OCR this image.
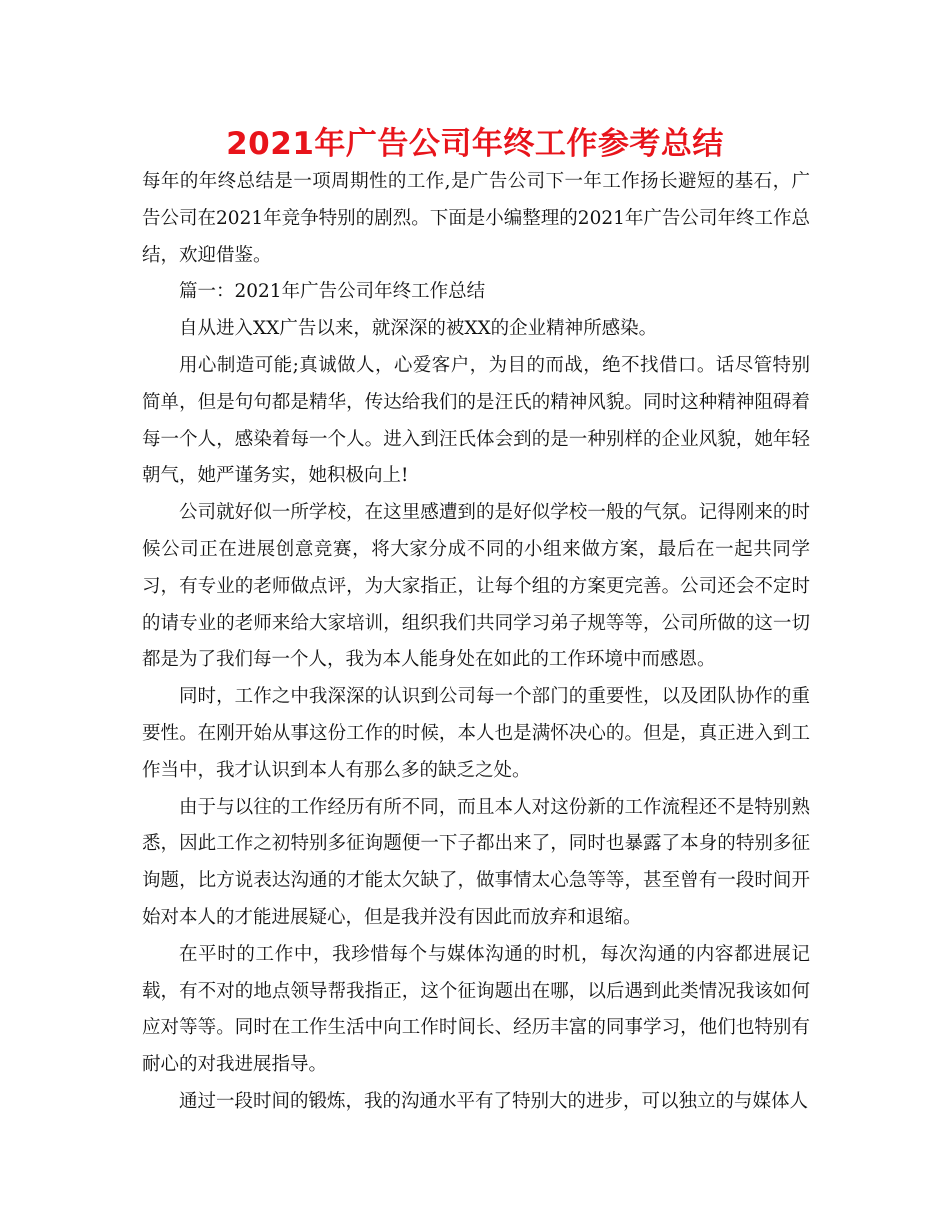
2021年广告公司年终工作参考总结

每年的年终总结是一项周期性的工作,是广告公司下一年工作扬长避短的基石，广告公司在2021年竞争特别的剧烈。下面是小编整理的2021年广告公司年终工作总结，欢迎借鉴。

篇一：2021年广告公司年终工作总结

自从进入XX广告以来，就深深的被XX的企业精神所感染。

用心制造可能;真诚做人，心爱客户，为目的而战，绝不找借口。话尽管特别简单，但是句句都是精华，传达给我们的是汪氏的精神风貌。同时这种精神阻碍着每一个人，感染着每一个人。进入到汪氏体会到的是一种别样的企业风貌，她年轻朝气，她严谨务实，她积极向上!

公司就好似一所学校，在这里感遭到的是好似学校一般的气氛。记得刚来的时候公司正在进展创意竞赛，将大家分成不同的小组来做方案，最后在一起共同学习，有专业的老师做点评，为大家指正，让每个组的方案更完善。公司还会不定时的请专业的老师来给大家培训，组织我们共同学习弟子规等等，公司所做的这一切都是为了我们每一个人，我为本人能身处在如此的工作环境中而感恩。

同时，工作之中我深深的认识到公司每一个部门的重要性，以及团队协作的重要性。在刚开始从事这份工作的时候，本人也是满怀决心的。但是，真正进入到工作当中，我才认识到本人有那么多的缺乏之处。

由于与以往的工作经历有所不同，而且本人对这份新的工作流程还不是特别熟悉，因此工作之初特别多征询题便一下子都出来了，同时也暴露了本身的特别多征询题，比方说表达沟通的才能太欠缺了，做事情太心急等等，甚至曾有一段时间开始对本人的才能进展疑心，但是我并没有因此而放弃和退缩。

在平时的工作中，我珍惜每个与媒体沟通的时机，每次沟通的内容都进展记载，有不对的地点领导帮我指正，这个征询题出在哪，以后遇到此类情况我该如何应对等等。同时在工作生活中向工作时间长、经历丰富的同事学习，他们也特别有耐心的对我进展指导。

通过一段时间的锻炼，我的沟通水平有了特别大的进步，可以独立的与媒体人
